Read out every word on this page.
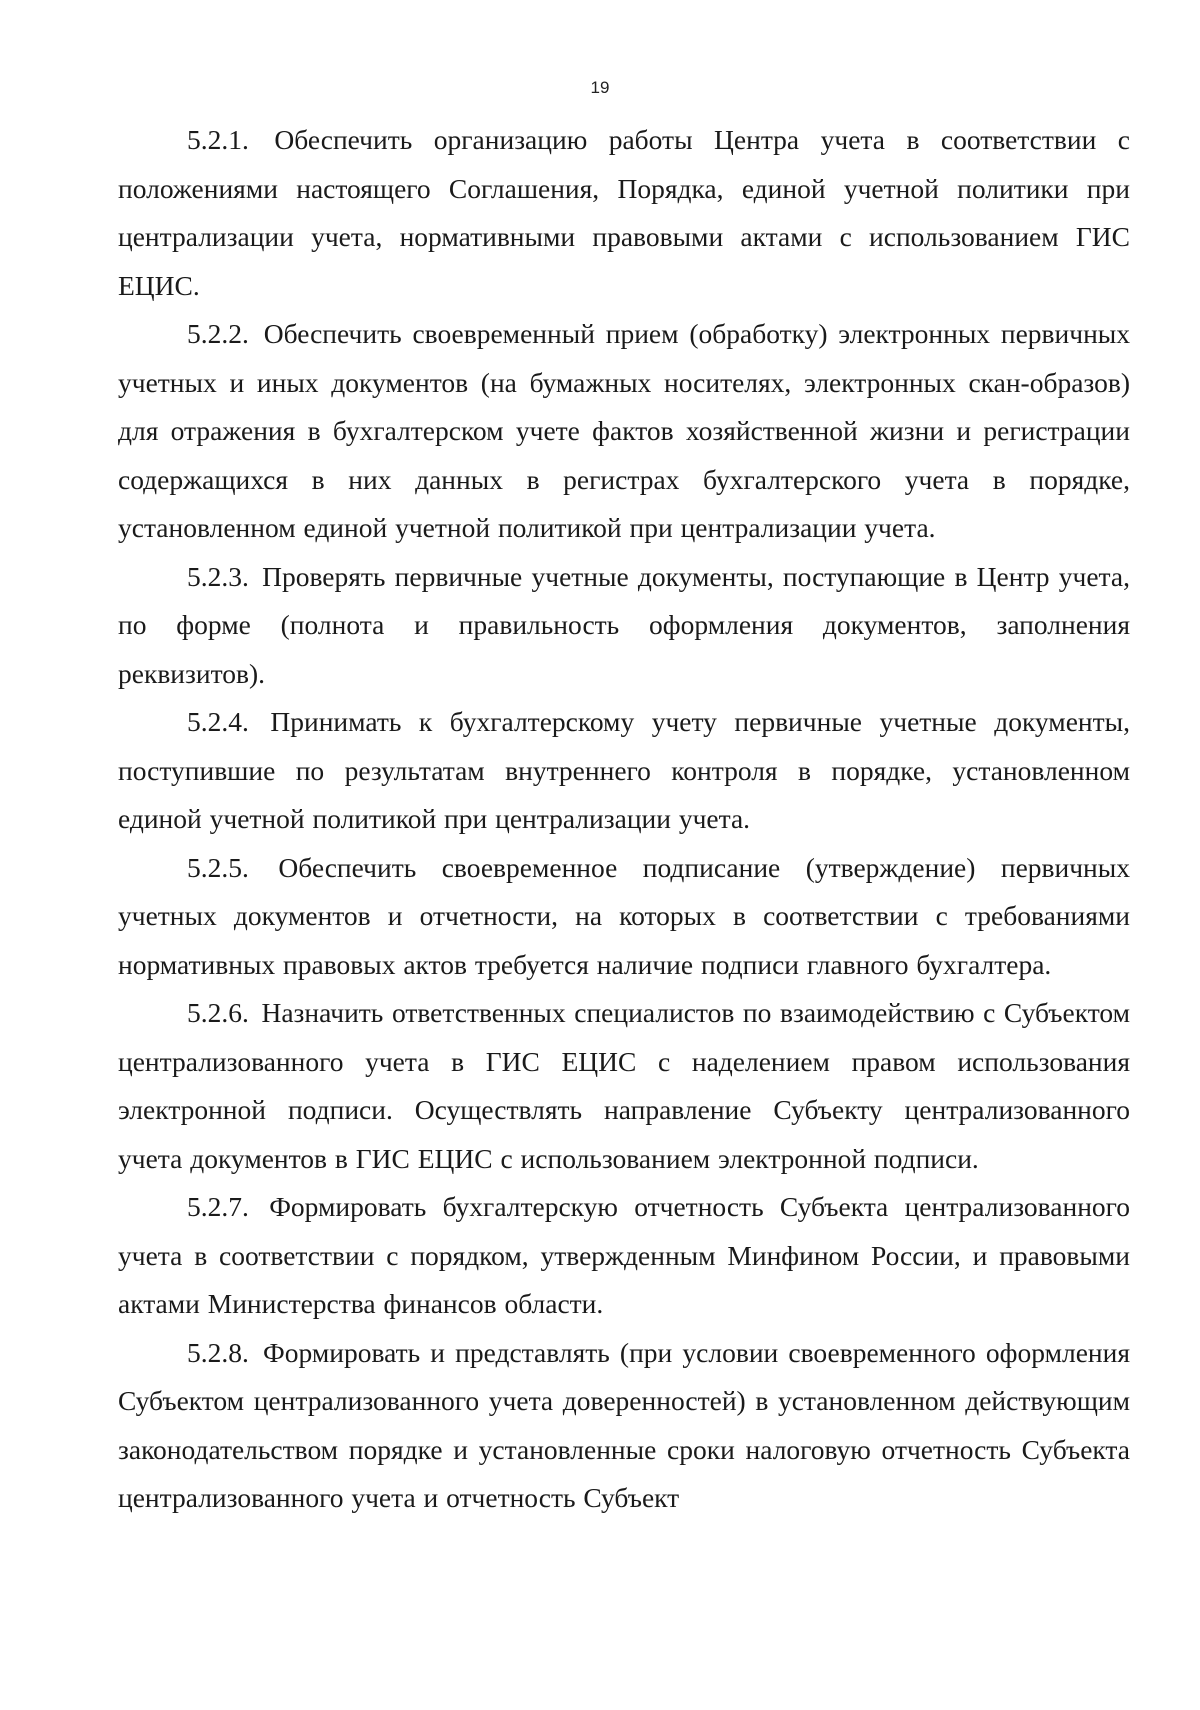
19

5.2.1. Обеспечить организацию работы Центра учета в соответствии с положениями настоящего Соглашения, Порядка, единой учетной политики при централизации учета, нормативными правовыми актами с использованием ГИС ЕЦИС.

5.2.2. Обеспечить своевременный прием (обработку) электронных первичных учетных и иных документов (на бумажных носителях, электронных скан-образов) для отражения в бухгалтерском учете фактов хозяйственной жизни и регистрации содержащихся в них данных в регистрах бухгалтерского учета в порядке, установленном единой учетной политикой при централизации учета.

5.2.3. Проверять первичные учетные документы, поступающие в Центр учета, по форме (полнота и правильность оформления документов, заполнения реквизитов).

5.2.4. Принимать к бухгалтерскому учету первичные учетные документы, поступившие по результатам внутреннего контроля в порядке, установленном единой учетной политикой при централизации учета.

5.2.5. Обеспечить своевременное подписание (утверждение) первичных учетных документов и отчетности, на которых в соответствии с требованиями нормативных правовых актов требуется наличие подписи главного бухгалтера.

5.2.6. Назначить ответственных специалистов по взаимодействию с Субъектом централизованного учета в ГИС ЕЦИС с наделением правом использования электронной подписи. Осуществлять направление Субъекту централизованного учета документов в ГИС ЕЦИС с использованием электронной подписи.

5.2.7. Формировать бухгалтерскую отчетность Субъекта централизованного учета в соответствии с порядком, утвержденным Минфином России, и правовыми актами Министерства финансов области.

5.2.8. Формировать и представлять (при условии своевременного оформления Субъектом централизованного учета доверенностей) в установленном действующим законодательством порядке и установленные сроки налоговую отчетность Субъекта централизованного учета и отчетность Субъект
